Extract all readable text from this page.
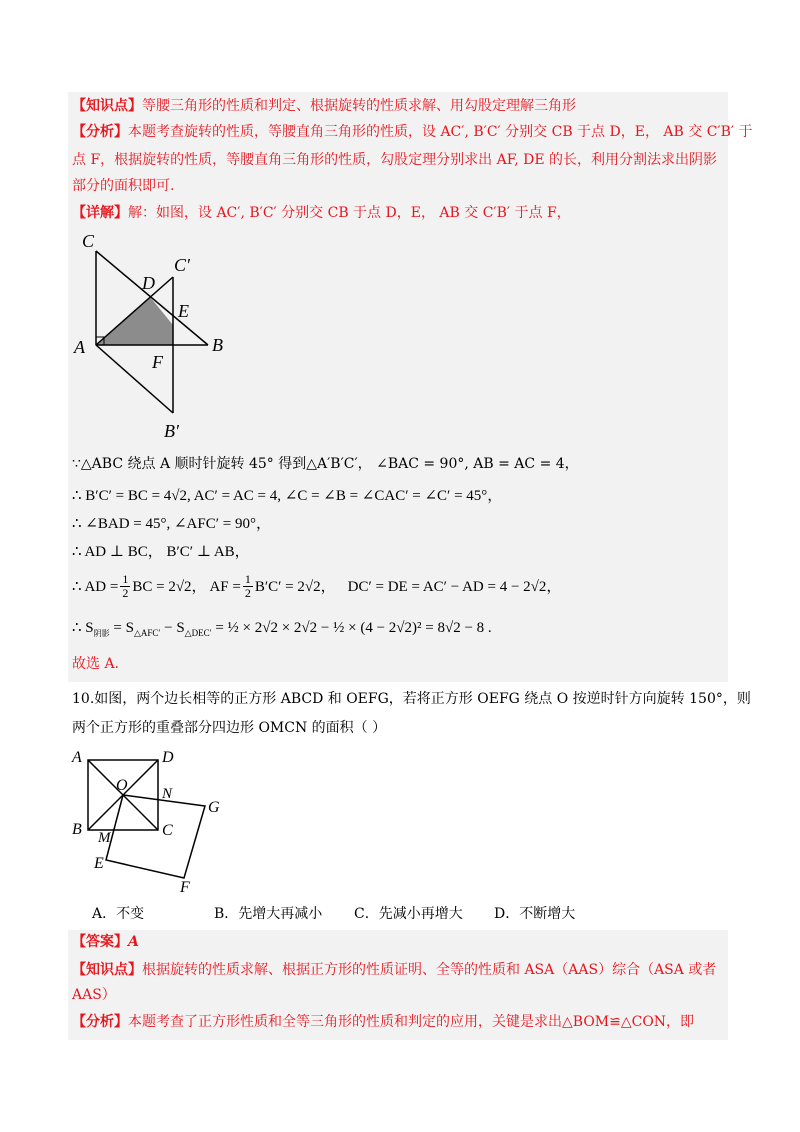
【知识点】等腰三角形的性质和判定、根据旋转的性质求解、用勾股定理解三角形
【分析】本题考查旋转的性质，等腰直角三角形的性质，设 AC′, B′C′ 分别交 CB 于点 D，E， AB 交 C′B′ 于
点 F，根据旋转的性质，等腰直角三角形的性质，勾股定理分别求出 AF, DE 的长，利用分割法求出阴影
部分的面积即可.
【详解】解：如图，设 AC′, B′C′ 分别交 CB 于点 D，E， AB 交 C′B′ 于点 F，
C
C′
D
E
A	B
F
B′
∵△ABC 绕点 A 顺时针旋转 45° 得到△A′B′C′， ∠BAC = 90°, AB = AC = 4，
∴ B′C′ = BC = 4√2, AC′ = AC = 4, ∠C = ∠B = ∠CAC′ = ∠C′ = 45°，
∴ ∠BAD = 45°, ∠AFC′ = 90°，
∴ AD ⊥ BC， B′C′ ⊥ AB，
∴ AD = $\frac{1}{2}$ BC = 2√2， AF = $\frac{1}{2} B'C' = 2√2$， DC′ = DE = AC′ − AD = 4 − 2√2，
∴ $S_{阴影} = S_{\triangle AFC'} - S_{\triangle DEC'}$ = ½ × 2√2 × 2√2 − ½ × (4 − 2√2)² = 8√2 − 8 .
故选 A.
10.如图，两个边长相等的正方形 ABCD 和 OEFG，若将正方形 OEFG 绕点 O 按逆时针方向旋转 150°，则
两个正方形的重叠部分四边形 OMCN 的面积（ ）
A	D
O N
G
B M	C
E
F
A．不变	B．先增大再减小 C．先减小再增大 D．不断增大
【答案】A
【知识点】根据旋转的性质求解、根据正方形的性质证明、全等的性质和 ASA（AAS）综合（ASA 或者
AAS）
【分析】本题考查了正方形性质和全等三角形的性质和判定的应用，关键是求出△BOM≌△CON，即
